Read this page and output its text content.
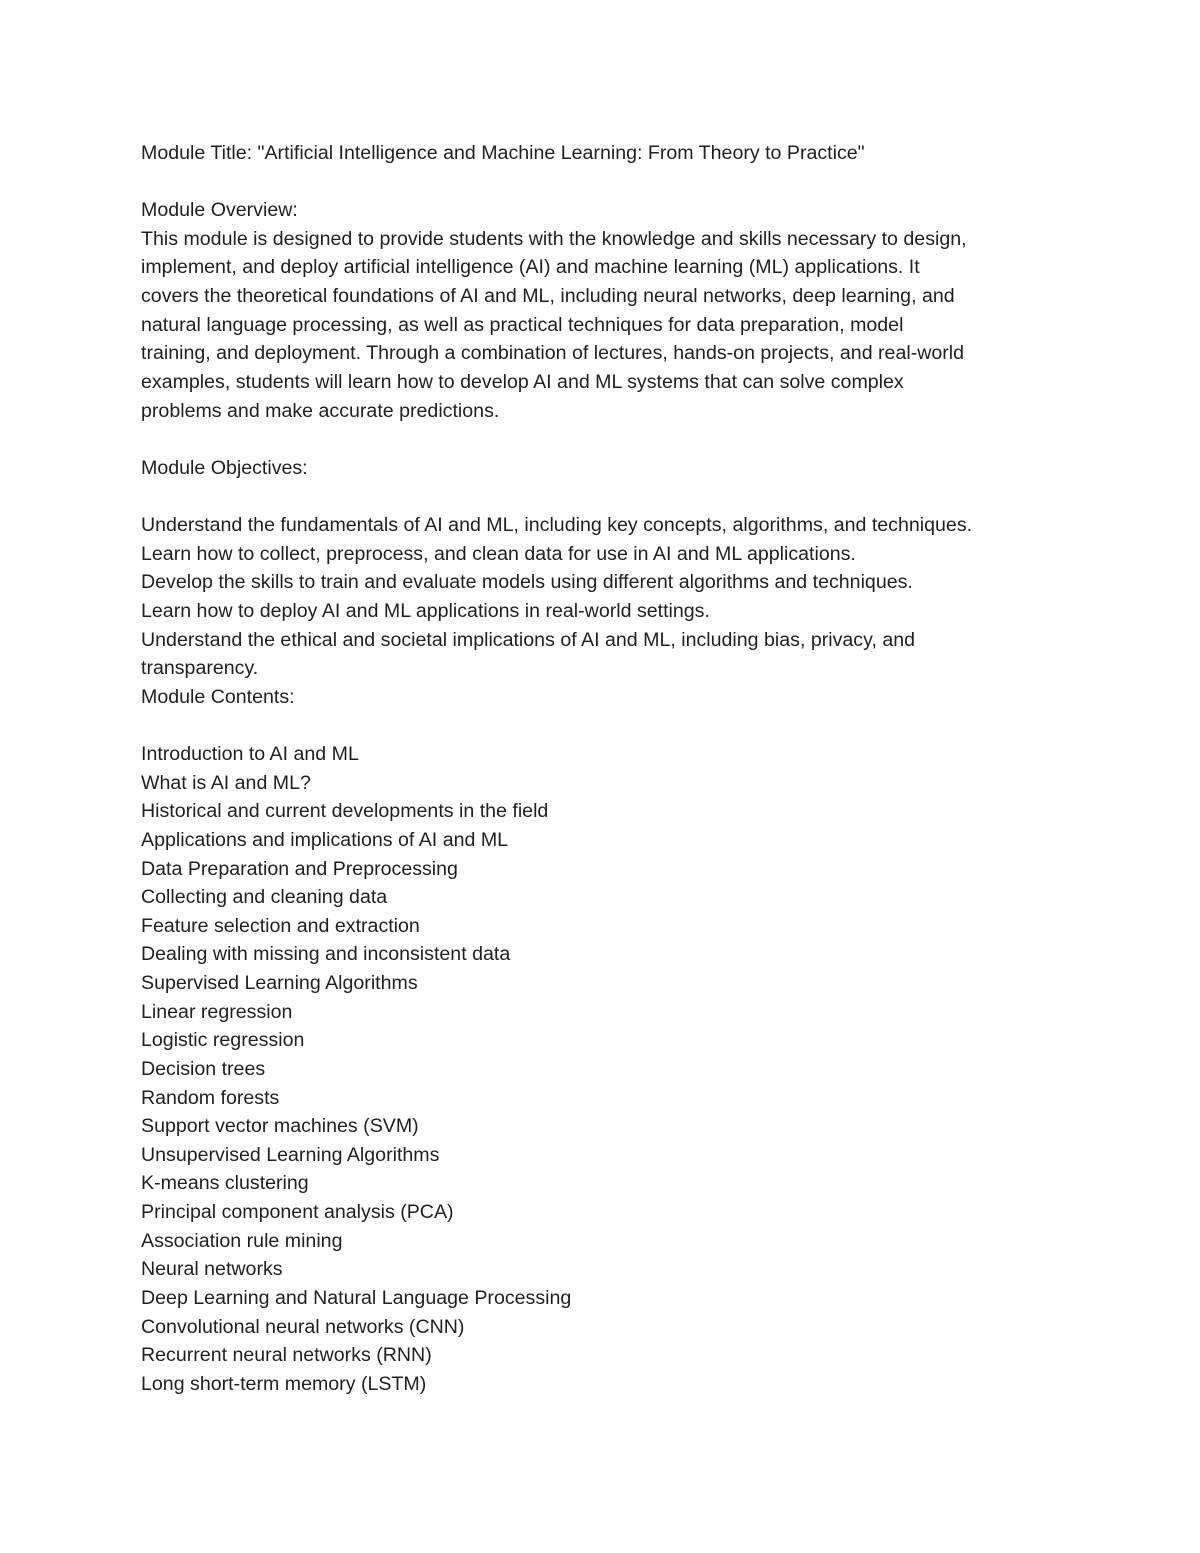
Module Title: "Artificial Intelligence and Machine Learning: From Theory to Practice"
Module Overview:
This module is designed to provide students with the knowledge and skills necessary to design,
implement, and deploy artificial intelligence (AI) and machine learning (ML) applications. It
covers the theoretical foundations of AI and ML, including neural networks, deep learning, and
natural language processing, as well as practical techniques for data preparation, model
training, and deployment. Through a combination of lectures, hands-on projects, and real-world
examples, students will learn how to develop AI and ML systems that can solve complex
problems and make accurate predictions.
Module Objectives:
Understand the fundamentals of AI and ML, including key concepts, algorithms, and techniques.
Learn how to collect, preprocess, and clean data for use in AI and ML applications.
Develop the skills to train and evaluate models using different algorithms and techniques.
Learn how to deploy AI and ML applications in real-world settings.
Understand the ethical and societal implications of AI and ML, including bias, privacy, and
transparency.
Module Contents:
Introduction to AI and ML
What is AI and ML?
Historical and current developments in the field
Applications and implications of AI and ML
Data Preparation and Preprocessing
Collecting and cleaning data
Feature selection and extraction
Dealing with missing and inconsistent data
Supervised Learning Algorithms
Linear regression
Logistic regression
Decision trees
Random forests
Support vector machines (SVM)
Unsupervised Learning Algorithms
K-means clustering
Principal component analysis (PCA)
Association rule mining
Neural networks
Deep Learning and Natural Language Processing
Convolutional neural networks (CNN)
Recurrent neural networks (RNN)
Long short-term memory (LSTM)
